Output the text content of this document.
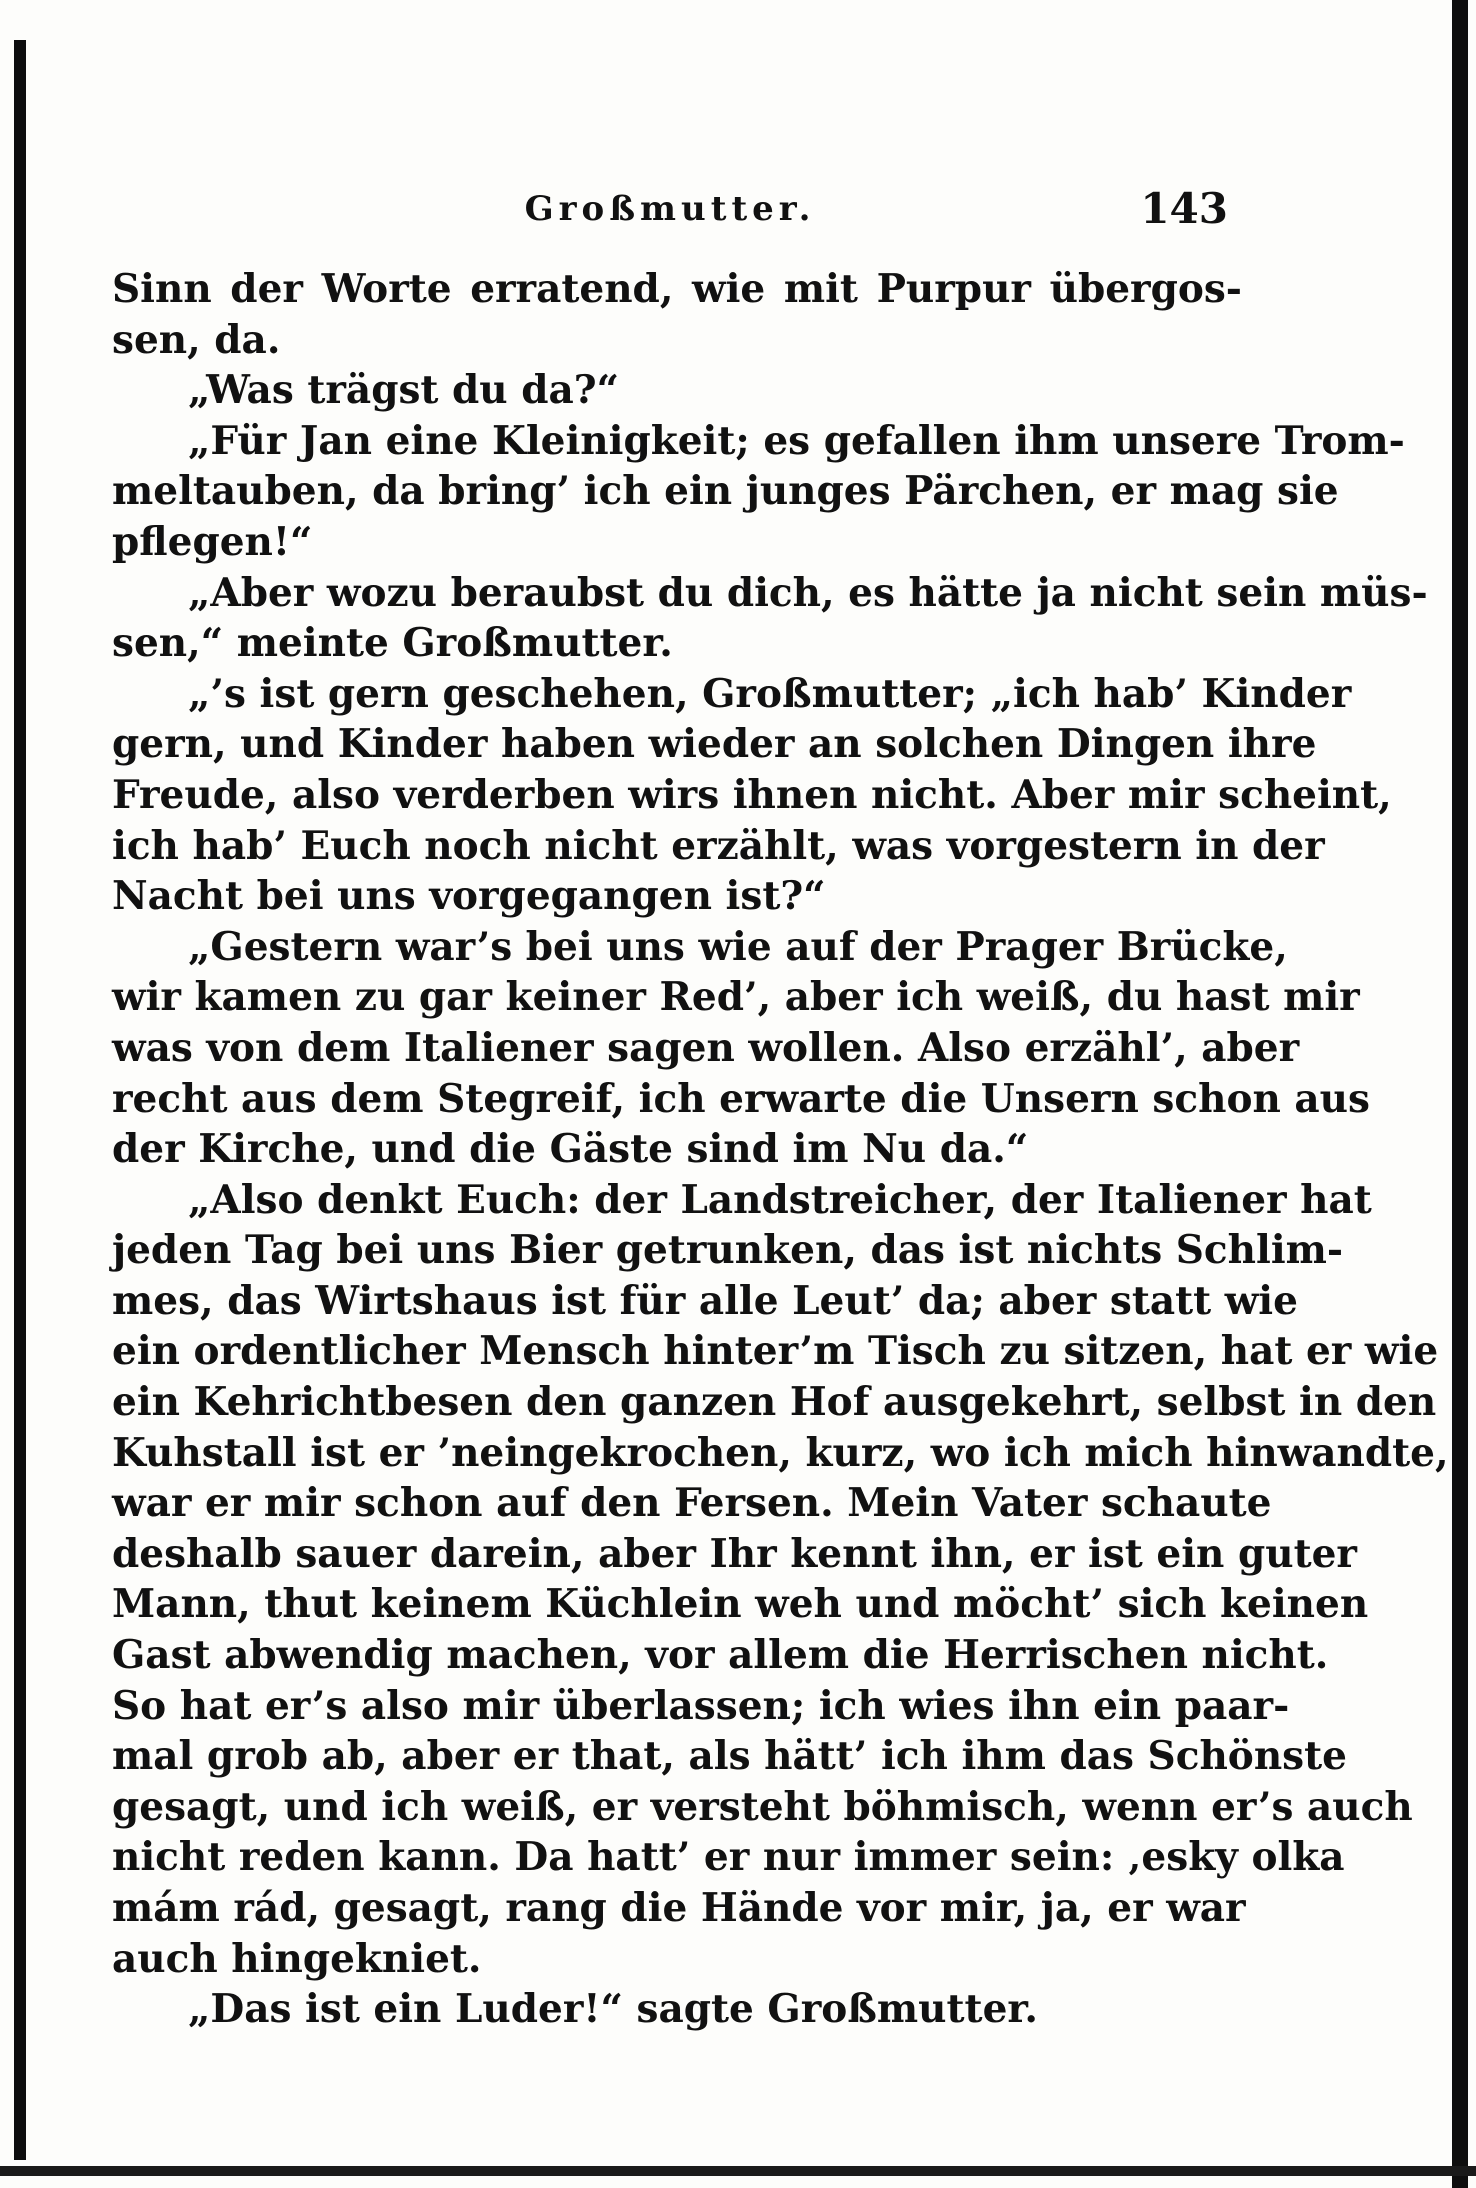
Großmutter.	143
Sinn der Worte erratend, wie mit Purpur übergos-
sen, da.
„Was trägst du da?“
„Für Jan eine Kleinigkeit; es gefallen ihm unsere Trom-
meltauben, da bring’ ich ein junges Pärchen, er mag sie
pflegen!“
„Aber wozu beraubst du dich, es hätte ja nicht sein müs-
sen,“ meinte Großmutter.
„’s ist gern geschehen, Großmutter; „ich hab’ Kinder
gern, und Kinder haben wieder an solchen Dingen ihre
Freude, also verderben wirs ihnen nicht. Aber mir scheint,
ich hab’ Euch noch nicht erzählt, was vorgestern in der
Nacht bei uns vorgegangen ist?“
„Gestern war’s bei uns wie auf der Prager Brücke,
wir kamen zu gar keiner Red’, aber ich weiß, du hast mir
was von dem Italiener sagen wollen. Also erzähl’, aber
recht aus dem Stegreif, ich erwarte die Unsern schon aus
der Kirche, und die Gäste sind im Nu da.“
„Also denkt Euch: der Landstreicher, der Italiener hat
jeden Tag bei uns Bier getrunken, das ist nichts Schlim-
mes, das Wirtshaus ist für alle Leut’ da; aber statt wie
ein ordentlicher Mensch hinter’m Tisch zu sitzen, hat er wie
ein Kehrichtbesen den ganzen Hof ausgekehrt, selbst in den
Kuhstall ist er ’neingekrochen, kurz, wo ich mich hinwandte,
war er mir schon auf den Fersen. Mein Vater schaute
deshalb sauer darein, aber Ihr kennt ihn, er ist ein guter
Mann, thut keinem Küchlein weh und möcht’ sich keinen
Gast abwendig machen, vor allem die Herrischen nicht.
So hat er’s also mir überlassen; ich wies ihn ein paar-
mal grob ab, aber er that, als hätt’ ich ihm das Schönste
gesagt, und ich weiß, er versteht böhmisch, wenn er’s auch
nicht reden kann. Da hatt’ er nur immer sein: ‚esky olka
mám rád, gesagt, rang die Hände vor mir, ja, er war
auch hingekniet.
„Das ist ein Luder!“ sagte Großmutter.
